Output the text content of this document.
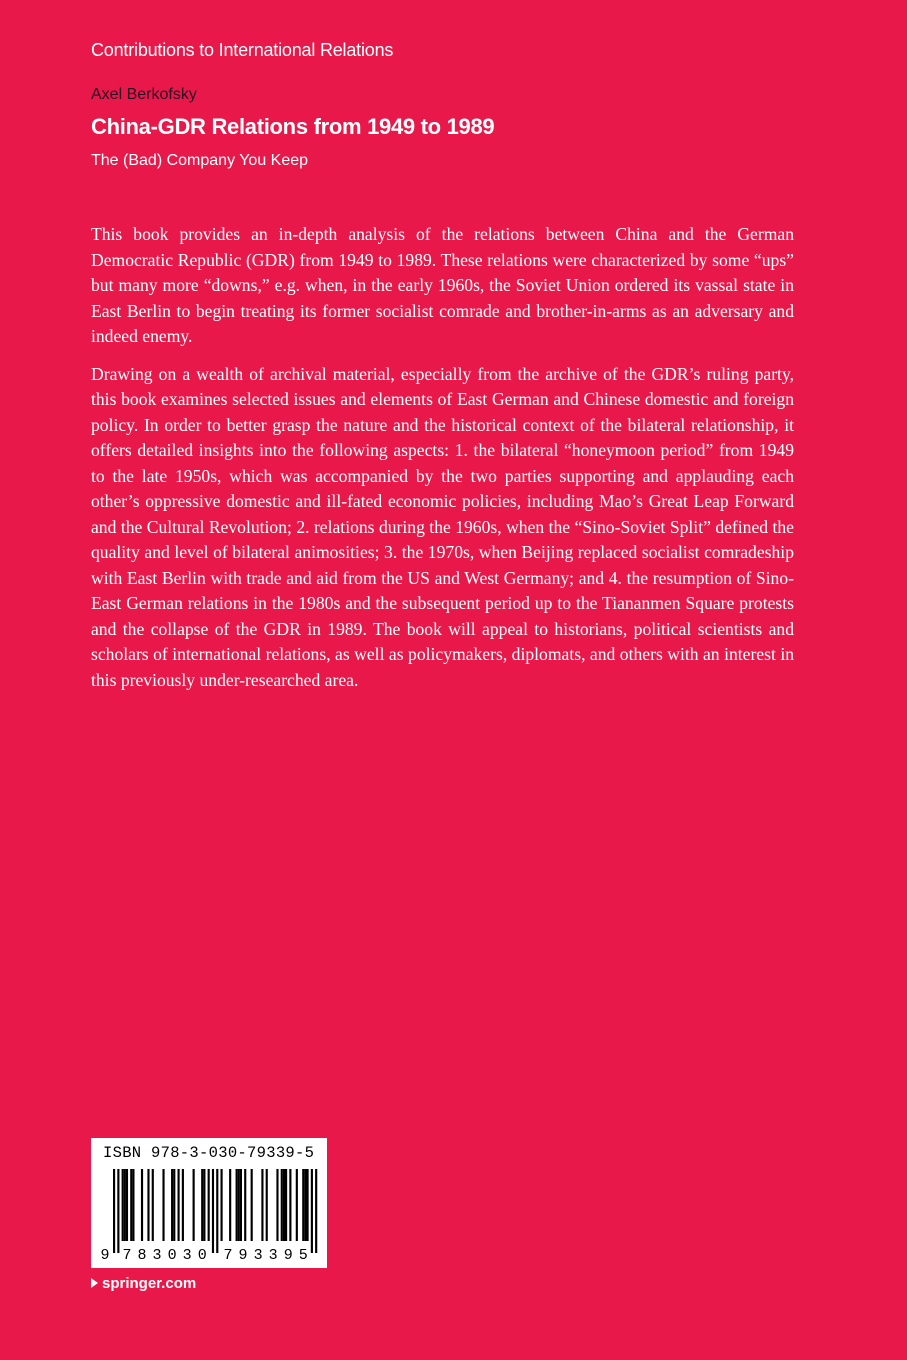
Contributions to International Relations
Axel Berkofsky
China-GDR Relations from 1949 to 1989
The (Bad) Company You Keep

This book provides an in-depth analysis of the relations between China and the German Democratic Republic (GDR) from 1949 to 1989. These relations were characterized by some “ups” but many more “downs,” e.g. when, in the early 1960s, the Soviet Union ordered its vassal state in East Berlin to begin treating its former socialist comrade and brother-in-arms as an adversary and indeed enemy.

Drawing on a wealth of archival material, especially from the archive of the GDR’s ruling party, this book examines selected issues and elements of East German and Chinese domestic and foreign policy. In order to better grasp the nature and the historical context of the bilateral relationship, it offers detailed insights into the following aspects: 1. the bilateral “honeymoon period” from 1949 to the late 1950s, which was accompanied by the two parties supporting and applauding each other’s oppressive domestic and ill-fated economic policies, including Mao’s Great Leap Forward and the Cultural Revolution; 2. relations during the 1960s, when the “Sino-Soviet Split” defined the quality and level of bilateral animosities; 3. the 1970s, when Beijing replaced socialist comradeship with East Berlin with trade and aid from the US and West Germany; and 4. the resumption of Sino-East German relations in the 1980s and the subsequent period up to the Tiananmen Square protests and the collapse of the GDR in 1989. The book will appeal to historians, political scientists and scholars of international relations, as well as policymakers, diplomats, and others with an interest in this previously under-researched area.

ISBN 978-3-030-79339-5
9 7 8 3 0 3 0 7 9 3 3 9 5
springer.com
